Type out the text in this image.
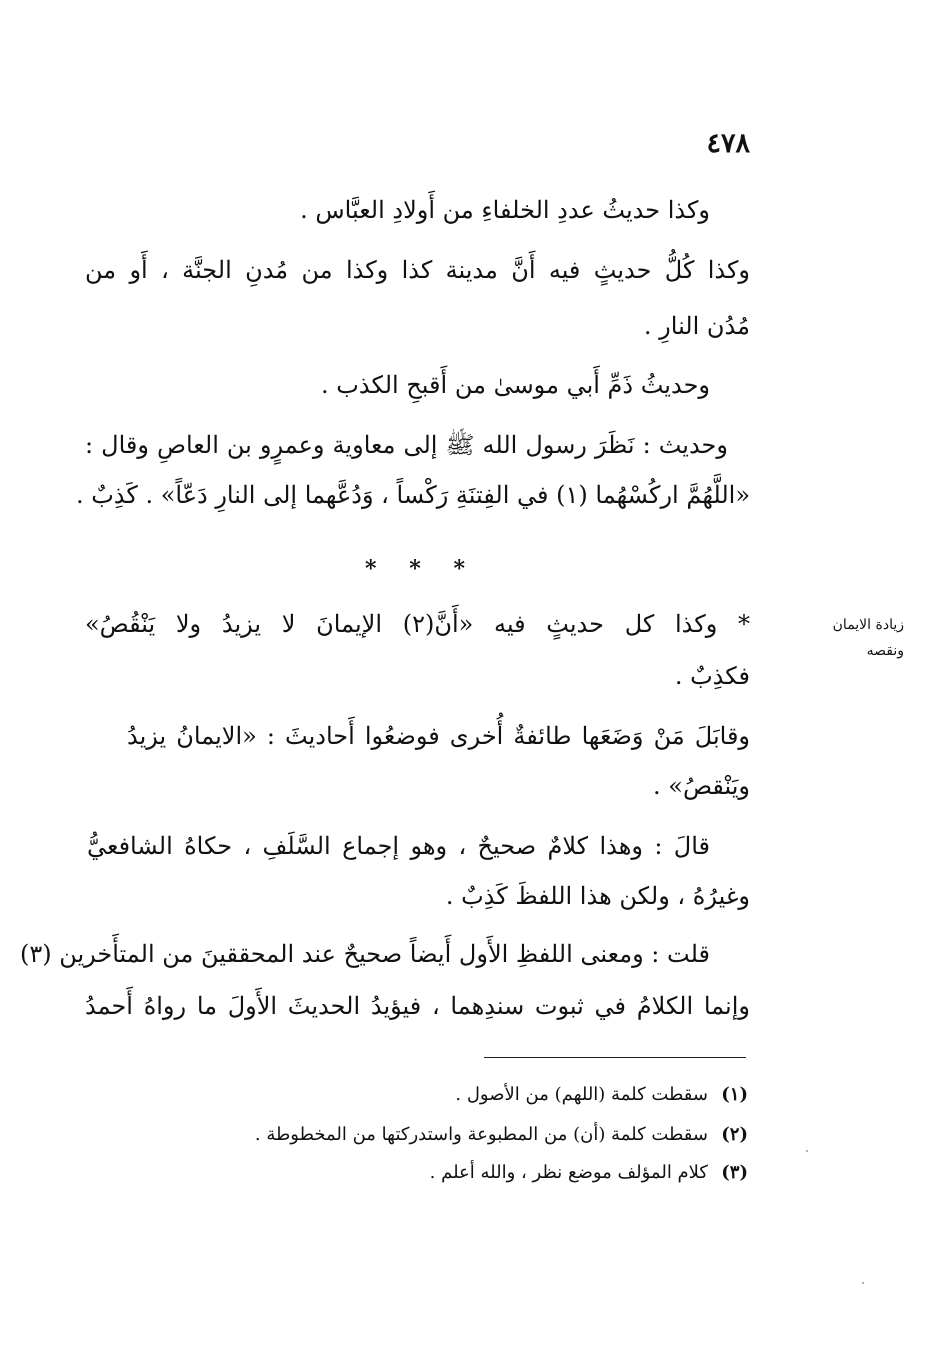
٤٧٨
وكذا حديثُ عددِ الخلفاءِ من أَولادِ العبَّاس .
وكذا كُلُّ حديثٍ فيه أَنَّ مدينة كذا وكذا من مُدنِ الجنَّة ، أَو من
مُدُن النارِ .
وحديثُ ذَمِّ أَبي موسىٰ من أَقبحِ الكذب .
وحديث : نَظَرَ رسول الله ﷺ إلى معاوية وعمرٍو بن العاصِ وقال :
«اللَّهُمَّ اركُسْهُما (١) في الفِتنَةِ رَكْساً ، وَدُعَّهما إلى النارِ دَعّاً» . كَذِبٌ .
* * *
زيادة الايمان
ونقصه
* وكذا كل حديثٍ فيه «أَنَّ(٢) الإيمانَ لا يزيدُ ولا يَنْقُصُ»
فكذِبٌ .
وقابَلَ مَنْ وَضَعَها طائفةٌ أُخرى فوضعُوا أَحاديثَ : «الايمانُ يزيدُ
ويَنْقصُ» .
قالَ : وهذا كلامٌ صحيحٌ ، وهو إجماع السَّلَفِ ، حكاهُ الشافعيُّ
وغيرُهُ ، ولكن هذا اللفظَ كَذِبٌ .
قلت : ومعنى اللفظِ الأَول أَيضاً صحيحٌ عند المحققينَ من المتأَخرين (٣)
وإنما الكلامُ في ثبوت سندِهما ، فيؤيدُ الحديثَ الأَولَ ما رواهُ أَحمدُ
(١)
سقطت كلمة (اللهم) من الأصول .
(٢)
سقطت كلمة (أن) من المطبوعة واستدركتها من المخطوطة .
(٣)
كلام المؤلف موضع نظر ، والله أعلم .
